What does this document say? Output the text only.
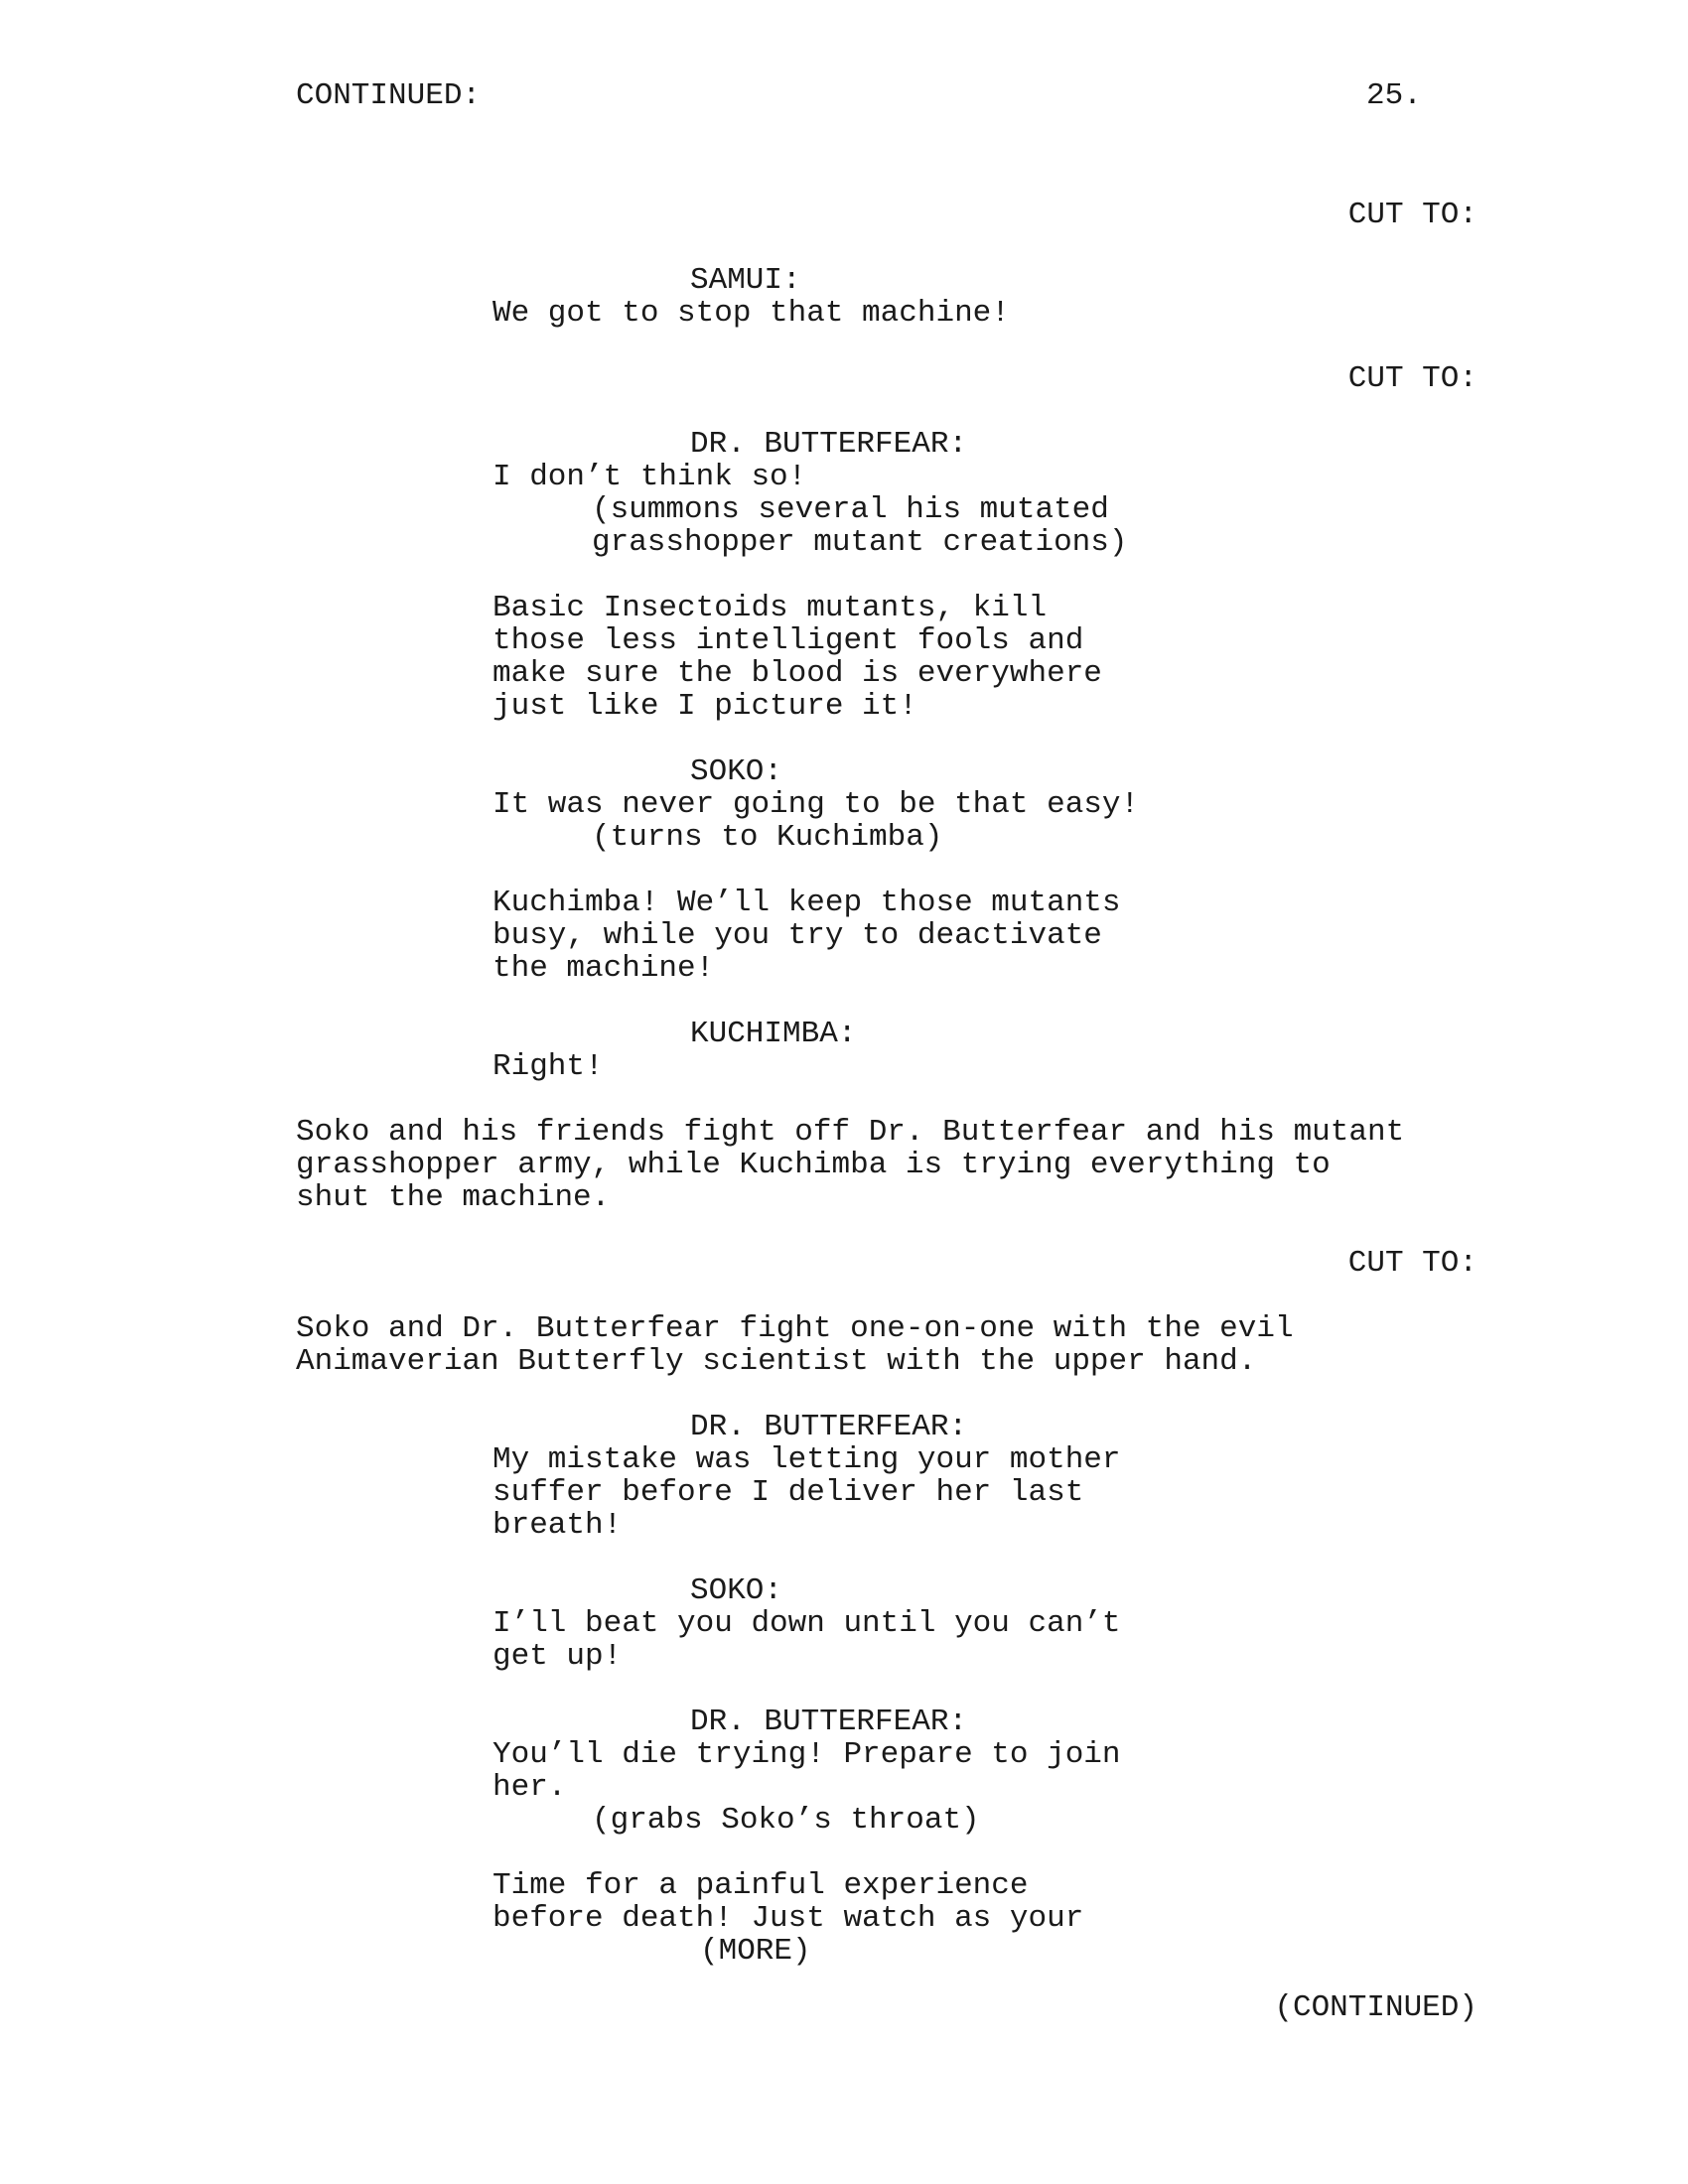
CONTINUED:	25.
CUT TO:
SAMUI:
We got to stop that machine!
CUT TO:
DR. BUTTERFEAR:
I don’t think so!
(summons several his mutated
grasshopper mutant creations)
Basic Insectoids mutants, kill
those less intelligent fools and
make sure the blood is everywhere
just like I picture it!
SOKO:
It was never going to be that easy!
(turns to Kuchimba)
Kuchimba! We’ll keep those mutants
busy, while you try to deactivate
the machine!
KUCHIMBA:
Right!
Soko and his friends fight off Dr. Butterfear and his mutant
grasshopper army, while Kuchimba is trying everything to
shut the machine.
CUT TO:
Soko and Dr. Butterfear fight one-on-one with the evil
Animaverian Butterfly scientist with the upper hand.
DR. BUTTERFEAR:
My mistake was letting your mother
suffer before I deliver her last
breath!
SOKO:
I’ll beat you down until you can’t
get up!
DR. BUTTERFEAR:
You’ll die trying! Prepare to join
her.
(grabs Soko’s throat)
Time for a painful experience
before death! Just watch as your
(MORE)
(CONTINUED)
